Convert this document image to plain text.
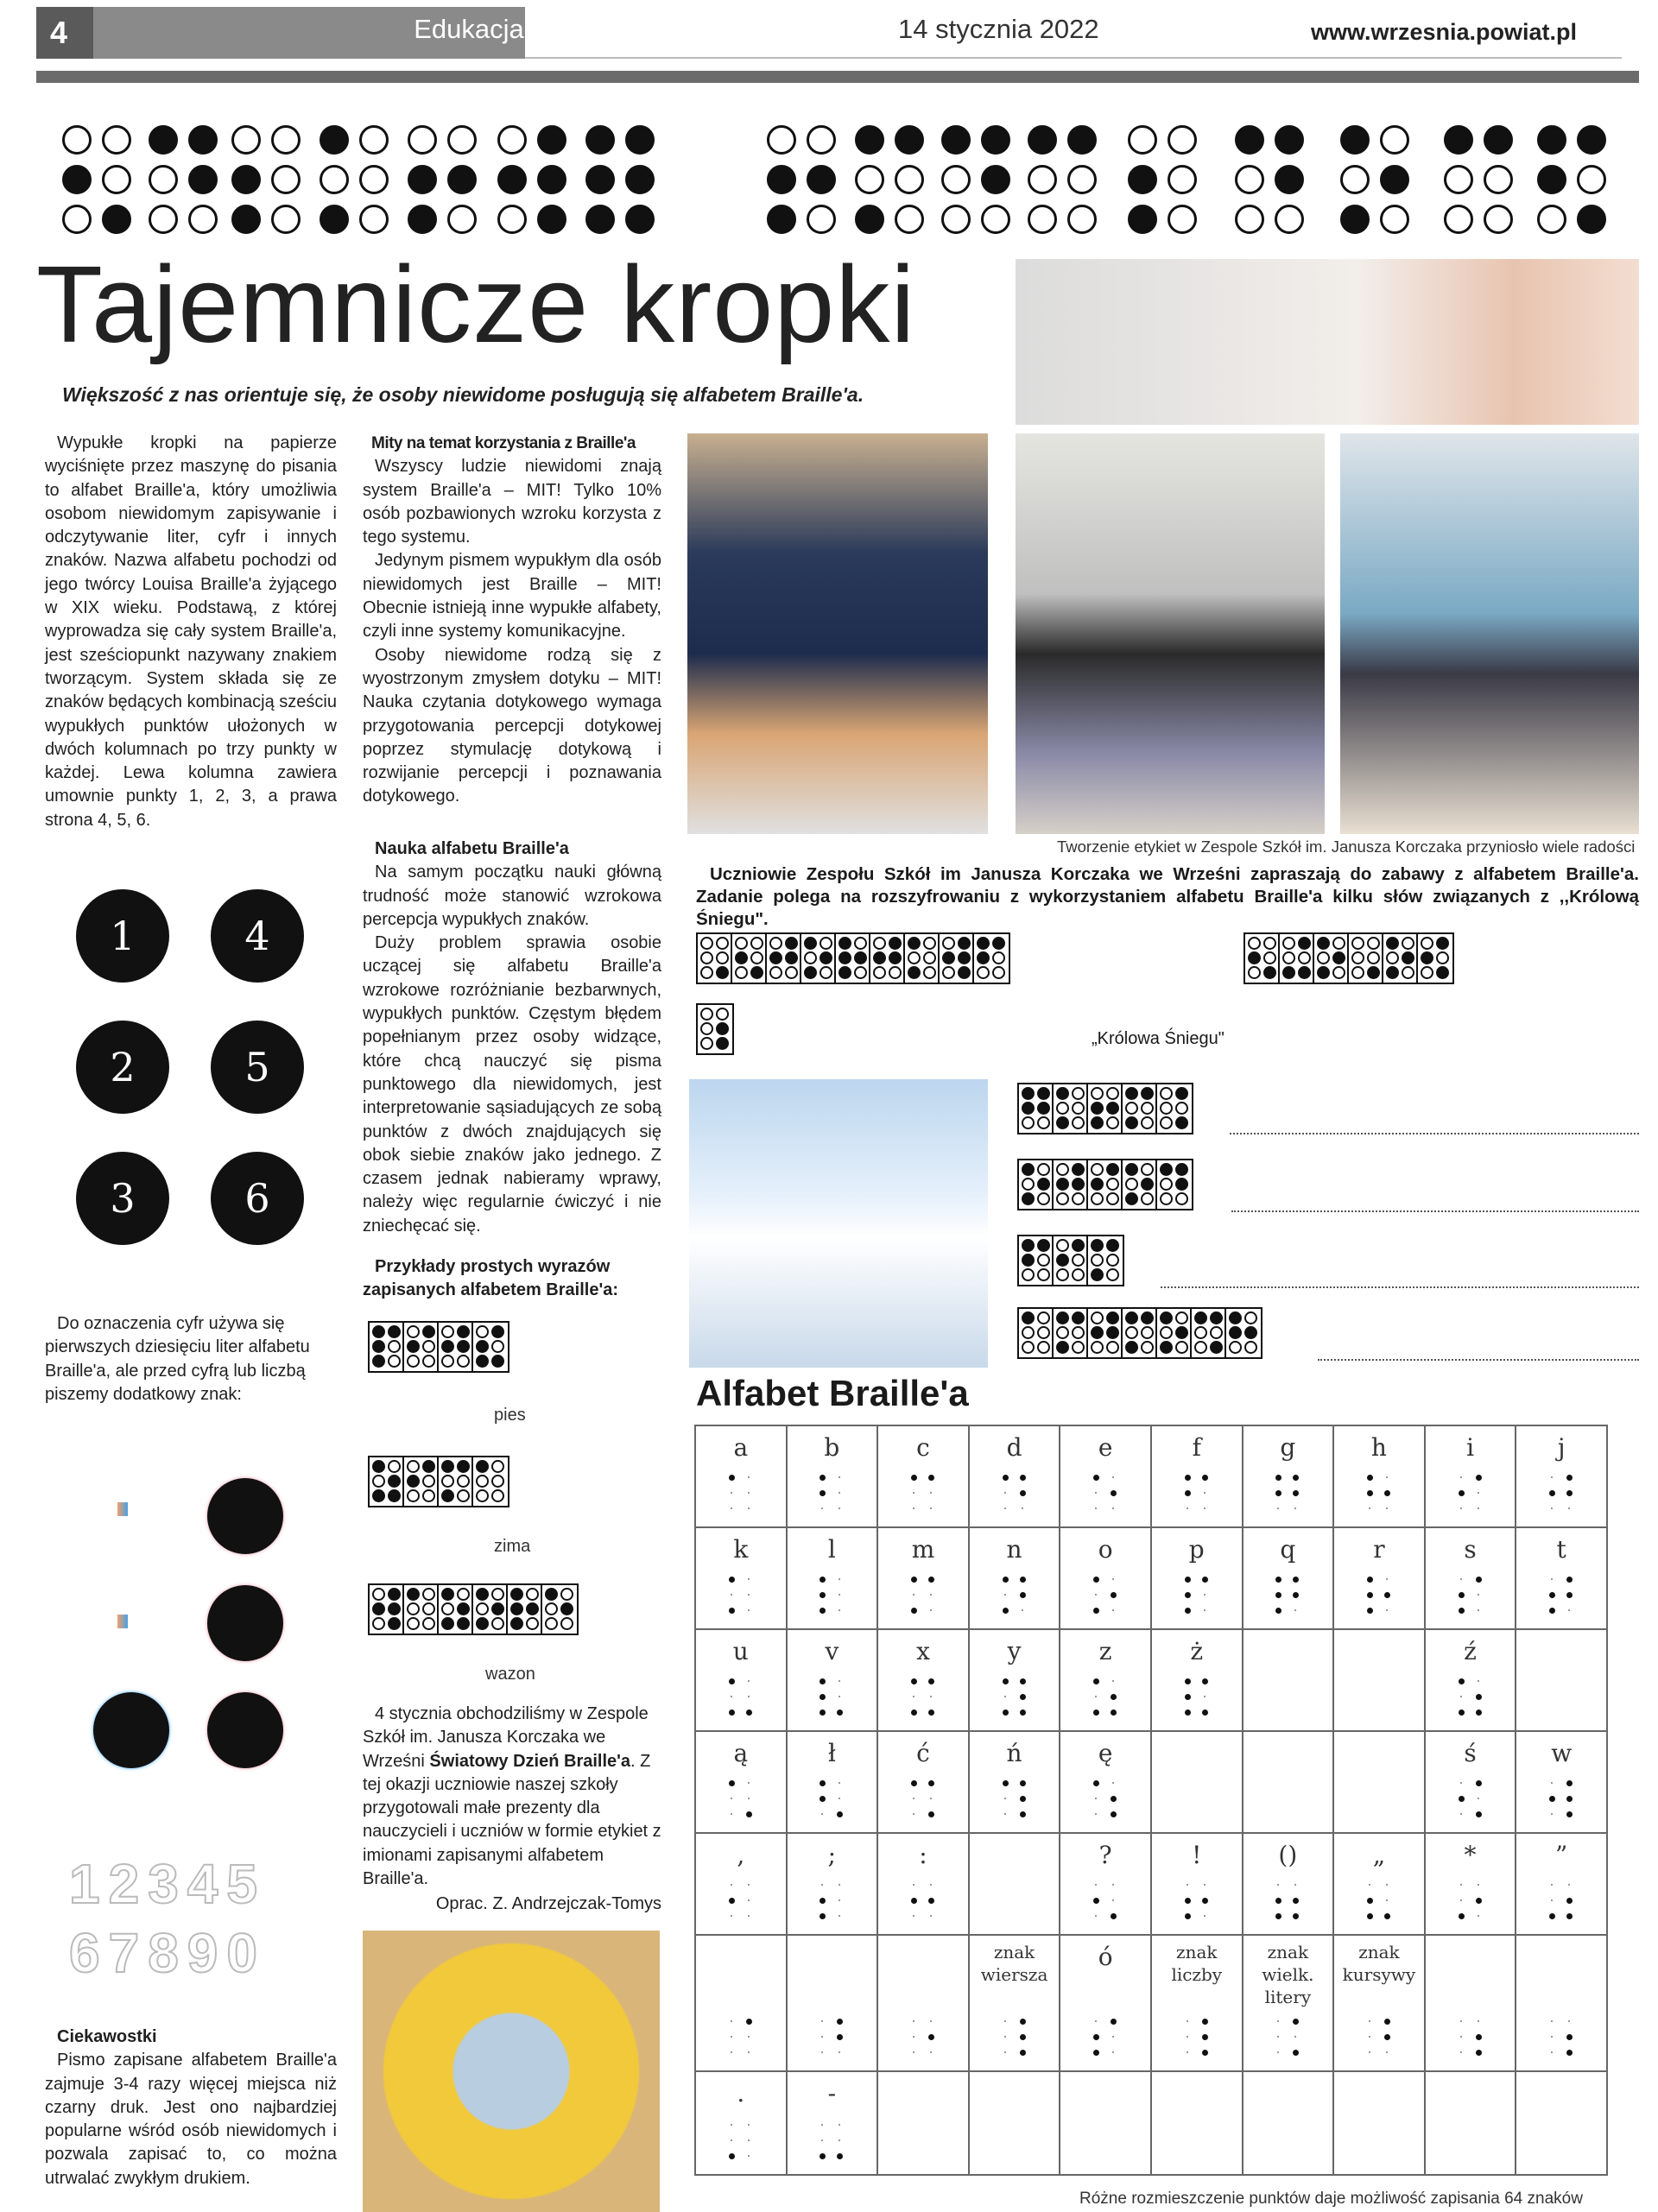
4	Edukacja	14 stycznia 2022	www.wrzesnia.powiat.pl
Tajemnicze kropki
Większość z nas orientuje się, że osoby niewidome posługują się alfabetem Braille'a.

Wypukłe kropki na papierze wyciśnięte przez maszynę do pisania to alfabet Braille'a, który umożliwia osobom niewidomym zapisywanie i odczytywanie liter, cyfr i innych znaków. Nazwa alfabetu pochodzi od jego twórcy Louisa Braille'a żyjącego w XIX wieku. Podstawą, z której wyprowadza się cały system Braille'a, jest sześciopunkt nazywany znakiem tworzącym. System składa się ze znaków będących kombinacją sześciu wypukłych punktów ułożonych w dwóch kolumnach po trzy punkty w każdej. Lewa kolumna zawiera umownie punkty 1, 2, 3, a prawa strona 4, 5, 6.

1	4
2	5
3	6

Do oznaczenia cyfr używa się pierwszych dziesięciu liter alfabetu Braille'a, ale przed cyfrą lub liczbą piszemy dodatkowy znak:

12345
67890
Ciekawostki

Pismo zapisane alfabetem Braille'a zajmuje 3-4 razy więcej miejsca niż czarny druk. Jest ono najbardziej popularne wśród osób niewidomych i pozwala zapisać to, co można utrwalać zwykłym drukiem.

Mity na temat korzystania z Braille'a

Wszyscy ludzie niewidomi znają system Braille'a – MIT! Tylko 10% osób pozbawionych wzroku korzysta z tego systemu.

Jedynym pismem wypukłym dla osób niewidomych jest Braille – MIT! Obecnie istnieją inne wypukłe alfabety, czyli inne systemy komunikacyjne.

Osoby niewidome rodzą się z wyostrzonym zmysłem dotyku – MIT! Nauka czytania dotykowego wymaga przygotowania percepcji dotykowej poprzez stymulację dotykową i rozwijanie percepcji i poznawania dotykowego.

Nauka alfabetu Braille'a

Na samym początku nauki główną trudność może stanowić wzrokowa percepcja wypukłych znaków.

Duży problem sprawia osobie uczącej się alfabetu Braille'a wzrokowe rozróżnianie bezbarwnych, wypukłych punktów. Częstym błędem popełnianym przez osoby widzące, które chcą nauczyć się pisma punktowego dla niewidomych, jest interpretowanie sąsiadujących ze sobą punktów z dwóch znajdujących się obok siebie znaków jako jednego. Z czasem jednak nabieramy wprawy, należy więc regularnie ćwiczyć i nie zniechęcać się.

Przykłady prostych wyrazów zapisanych alfabetem Braille'a:
pies
zima
wazon

4 stycznia obchodziliśmy w Zespole Szkół im. Janusza Korczaka we Wrześni Światowy Dzień Braille'a. Z tej okazji uczniowie naszej szkoły przygotowali małe prezenty dla nauczycieli i uczniów w formie etykiet z imionami zapisanymi alfabetem Braille'a.

Oprac. Z. Andrzejczak-Tomys

Tworzenie etykiet w Zespole Szkół im. Janusza Korczaka przyniosło wiele radości
Uczniowie Zespołu Szkół im Janusza Korczaka we Wrześni zapraszają do zabawy z alfabetem Braille'a. Zadanie polega na rozszyfrowaniu z wykorzystaniem alfabetu Braille'a kilku słów związanych z ,,Królową Śniegu".
„Królowa Śniegu"
Alfabet Braille'a
a	b	c	d	e	f	g	h	i	j

k	l	m	n	o	p	q	r	s	t

u	v	x	y	z	ż			ź	

ą	ł	ć	ń	ę				ś	w

,	;	:		?	!	()	„	*	”

			znak wiersza	ó	znak liczby	znak wielk. litery	znak kursywy		

.	-								

Różne rozmieszczenie punktów daje możliwość zapisania 64 znaków
